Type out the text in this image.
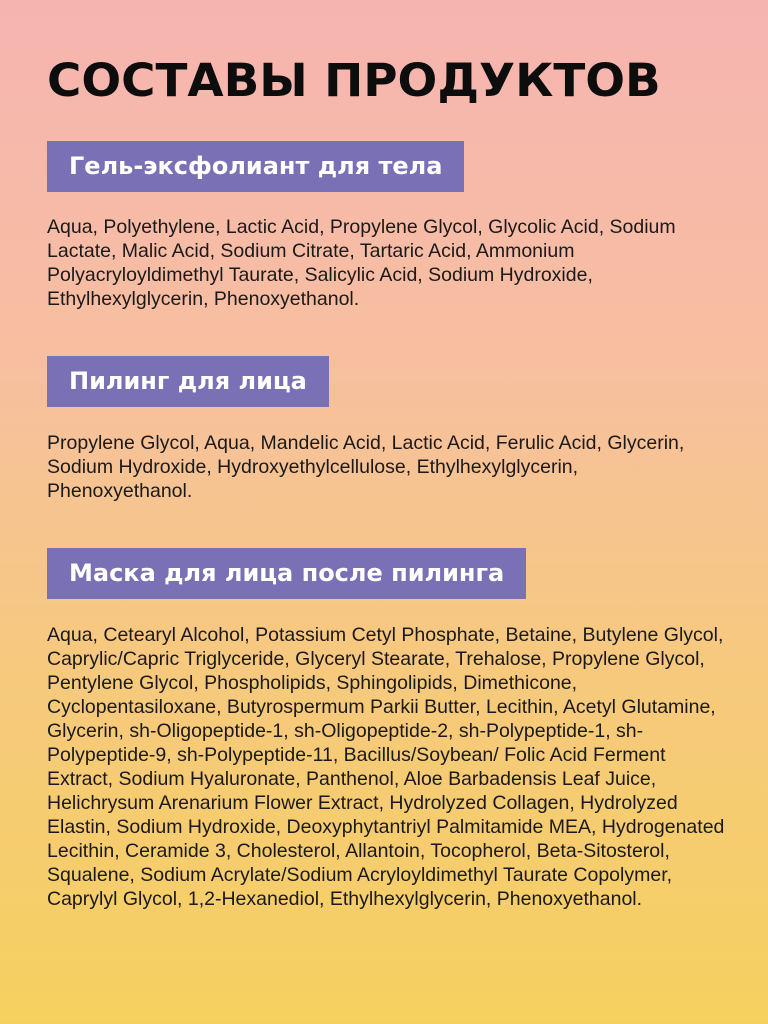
СОСТАВЫ ПРОДУКТОВ
Гель-эксфолиант для тела

Aqua, Polyethylene, Lactic Acid, Propylene Glycol, Glycolic Acid, Sodium Lactate, Malic Acid, Sodium Citrate, Tartaric Acid, Ammonium Polyacryloyldimethyl Taurate, Salicylic Acid, Sodium Hydroxide, Ethylhexylglycerin, Phenoxyethanol.

Пилинг для лица

Propylene Glycol, Aqua, Mandelic Acid, Lactic Acid, Ferulic Acid, Glycerin, Sodium Hydroxide, Hydroxyethylcellulose, Ethylhexylglycerin, Phenoxyethanol.

Маска для лица после пилинга

Aqua, Cetearyl Alcohol, Potassium Cetyl Phosphate, Betaine, Butylene Glycol, Caprylic/Capric Triglyceride, Glyceryl Stearate, Trehalose, Propylene Glycol, Pentylene Glycol, Phospholipids, Sphingolipids, Dimethicone, Cyclopentasiloxane, Butyrospermum Parkii Butter, Lecithin, Acetyl Glutamine, Glycerin, sh-Oligopeptide-1, sh-Oligopeptide-2, sh-Polypeptide-1, sh-Polypeptide-9, sh-Polypeptide-11, Bacillus/Soybean/ Folic Acid Ferment Extract, Sodium Hyaluronate, Panthenol, Aloe Barbadensis Leaf Juice, Helichrysum Arenarium Flower Extract, Hydrolyzed Collagen, Hydrolyzed Elastin, Sodium Hydroxide, Deoxyphytantriyl Palmitamide MEA, Hydrogenated Lecithin, Ceramide 3, Cholesterol, Allantoin, Tocopherol, Beta-Sitosterol, Squalene, Sodium Acrylate/Sodium Acryloyldimethyl Taurate Copolymer, Caprylyl Glycol, 1,2-Hexanediol, Ethylhexylglycerin, Phenoxyethanol.
